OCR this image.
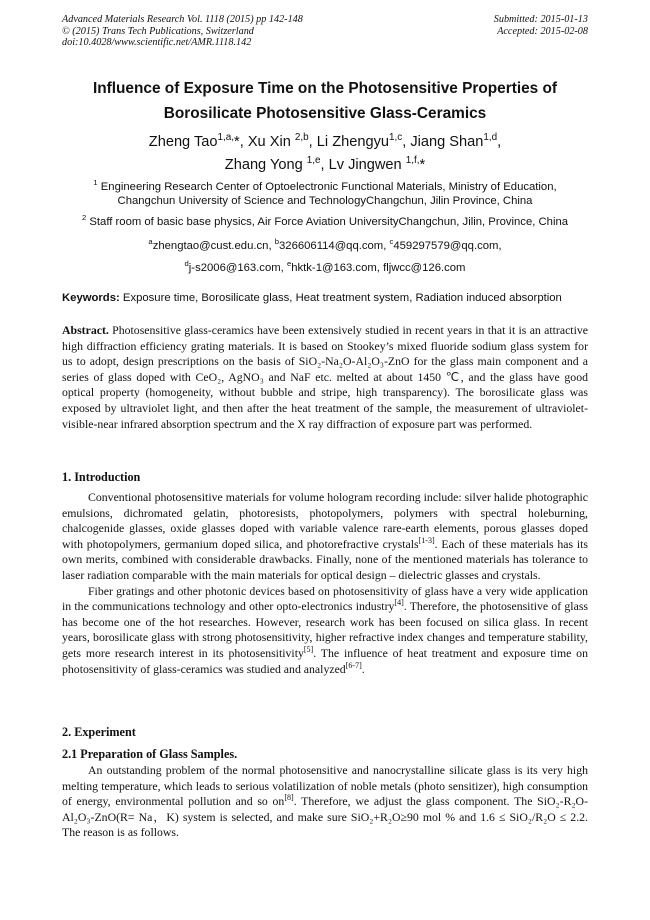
Advanced Materials Research Vol. 1118 (2015) pp 142-148
© (2015) Trans Tech Publications, Switzerland
doi:10.4028/www.scientific.net/AMR.1118.142
Submitted: 2015-01-13
Accepted: 2015-02-08
Influence of Exposure Time on the Photosensitive Properties of
Borosilicate Photosensitive Glass-Ceramics
Zheng Tao$^{1,a,}$*, Xu Xin $^{2,b}$, Li Zhengyu$^{1,c}$, Jiang Shan$^{1,d}$,
Zhang Yong $^{1,e}$, Lv Jingwen $^{1,f,}$*
$^1$ Engineering Research Center of Optoelectronic Functional Materials, Ministry of Education,
Changchun University of Science and TechnologyChangchun, Jilin Province, China
$^2$ Staff room of basic base physics, Air Force Aviation UniversityChangchun, Jilin, Province, China
$^a$zhengtao@cust.edu.cn, $^b$326606114@qq.com, $^c$459297579@qq.com,
$^d$j-s2006@163.com, $^e$hktk-1@163.com, fljwcc@126.com
Keywords: Exposure time, Borosilicate glass, Heat treatment system, Radiation induced absorption

Abstract. Photosensitive glass-ceramics have been extensively studied in recent years in that it is an attractive high diffraction efficiency grating materials. It is based on Stookey’s mixed fluoride sodium glass system for us to adopt, design prescriptions on the basis of SiO₂-Na₂O-Al₂O₃-ZnO for the glass main component and a series of glass doped with CeO₂, AgNO₃ and NaF etc. melted at about 1450 ℃, and the glass have good optical property (homogeneity, without bubble and stripe, high transparency). The borosilicate glass was exposed by ultraviolet light, and then after the heat treatment of the sample, the measurement of ultraviolet-visible-near infrared absorption spectrum and the X ray diffraction of exposure part was performed.

1. Introduction

Conventional photosensitive materials for volume hologram recording include: silver halide photographic emulsions, dichromated gelatin, photoresists, photopolymers, polymers with spectral holeburning, chalcogenide glasses, oxide glasses doped with variable valence rare-earth elements, porous glasses doped with photopolymers, germanium doped silica, and photorefractive crystals[1-3]. Each of these materials has its own merits, combined with considerable drawbacks. Finally, none of the mentioned materials has tolerance to laser radiation comparable with the main materials for optical design – dielectric glasses and crystals.

Fiber gratings and other photonic devices based on photosensitivity of glass have a very wide application in the communications technology and other opto-electronics industry[4]. Therefore, the photosensitive of glass has become one of the hot researches. However, research work has been focused on silica glass. In recent years, borosilicate glass with strong photosensitivity, higher refractive index changes and temperature stability, gets more research interest in its photosensitivity[5]. The influence of heat treatment and exposure time on photosensitivity of glass-ceramics was studied and analyzed[6-7].

2. Experiment
2.1 Preparation of Glass Samples.

An outstanding problem of the normal photosensitive and nanocrystalline silicate glass is its very high melting temperature, which leads to serious volatilization of noble metals (photo sensitizer), high consumption of energy, environmental pollution and so on[8]. Therefore, we adjust the glass component. The SiO₂-R₂O-Al₂O₃-ZnO(R= Na，K) system is selected, and make sure SiO₂+R₂O≥90 mol % and 1.6 ≤ SiO₂/R₂O ≤ 2.2. The reason is as follows.
